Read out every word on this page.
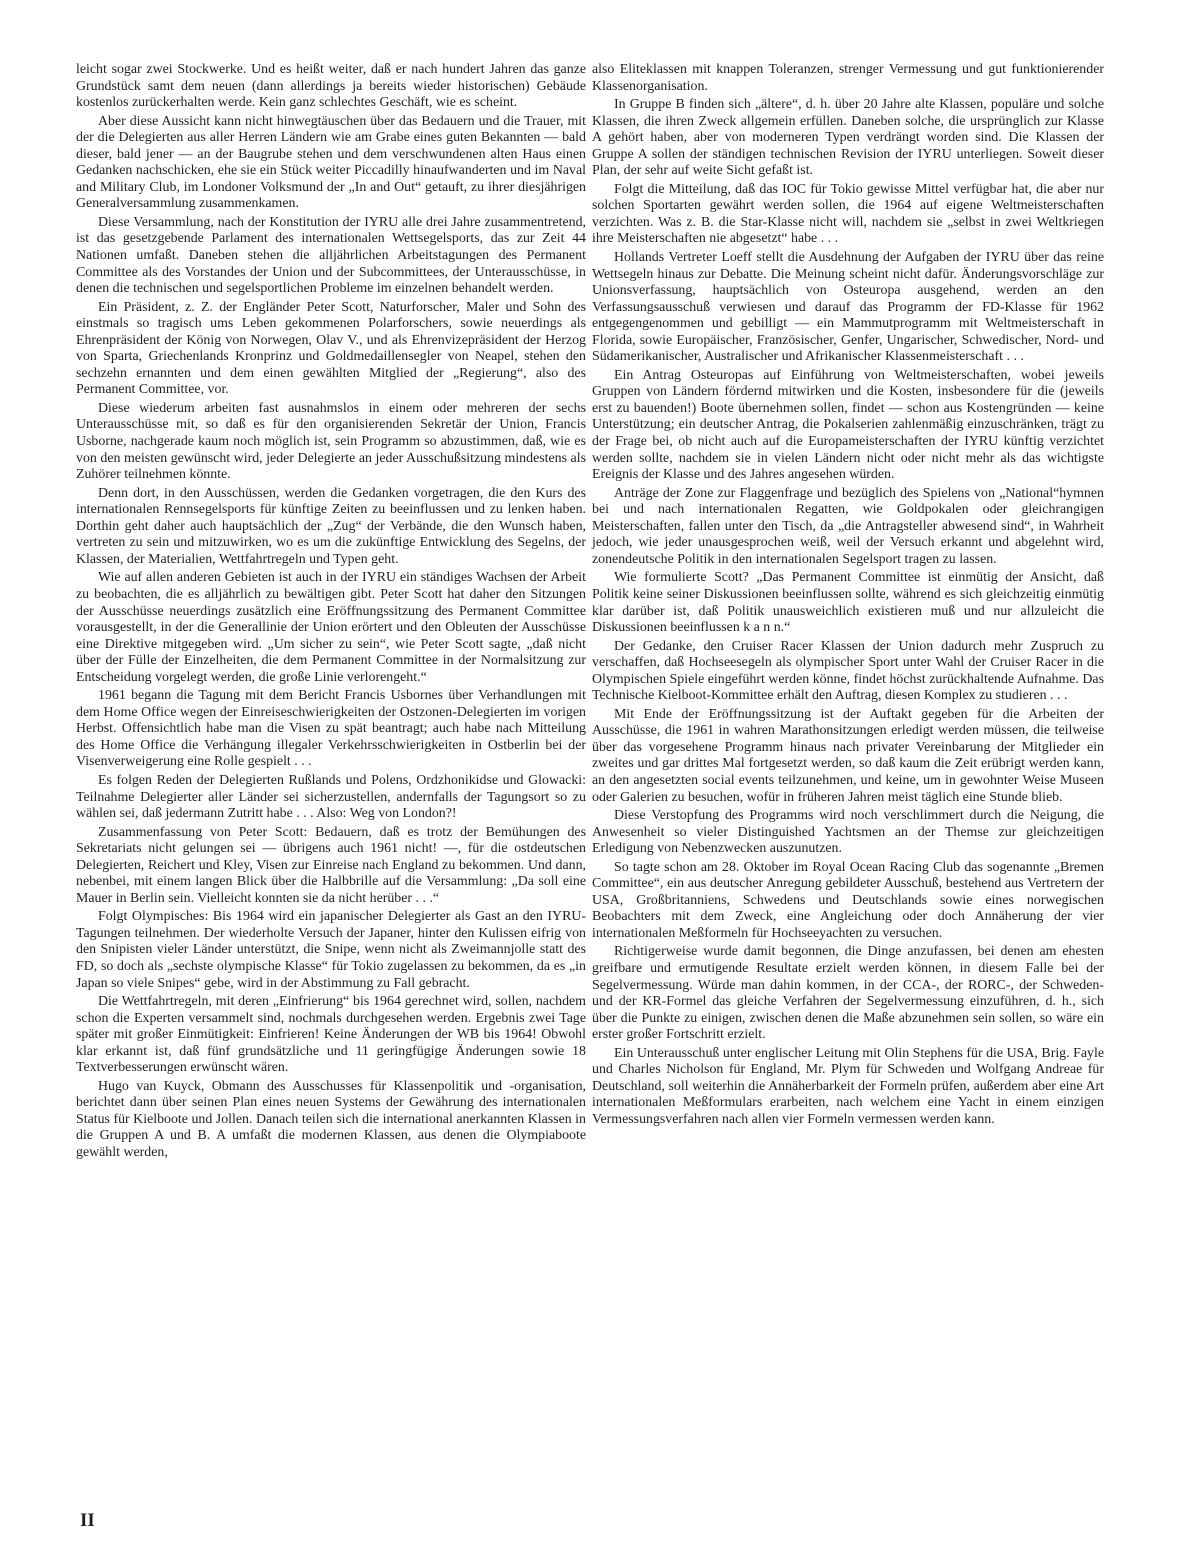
leicht sogar zwei Stockwerke. Und es heißt weiter, daß er nach hundert Jahren das ganze Grundstück samt dem neuen (dann allerdings ja bereits wieder historischen) Gebäude kostenlos zurückerhalten werde. Kein ganz schlechtes Geschäft, wie es scheint.

Aber diese Aussicht kann nicht hinwegtäuschen über das Bedauern und die Trauer, mit der die Delegierten aus aller Herren Ländern wie am Grabe eines guten Bekannten — bald dieser, bald jener — an der Baugrube stehen und dem verschwundenen alten Haus einen Gedanken nachschicken, ehe sie ein Stück weiter Piccadilly hinaufwanderten und im Naval and Military Club, im Londoner Volksmund der „In and Out“ getauft, zu ihrer diesjährigen Generalversammlung zusammenkamen.

Diese Versammlung, nach der Konstitution der IYRU alle drei Jahre zusammentretend, ist das gesetzgebende Parlament des internationalen Wettsegelsports, das zur Zeit 44 Nationen umfaßt. Daneben stehen die alljährlichen Arbeitstagungen des Permanent Committee als des Vorstandes der Union und der Subcommittees, der Unterausschüsse, in denen die technischen und segelsportlichen Probleme im einzelnen behandelt werden.

Ein Präsident, z. Z. der Engländer Peter Scott, Naturforscher, Maler und Sohn des einstmals so tragisch ums Leben gekommenen Polarforschers, sowie neuerdings als Ehrenpräsident der König von Norwegen, Olav V., und als Ehrenvizepräsident der Herzog von Sparta, Griechenlands Kronprinz und Goldmedaillensegler von Neapel, stehen den sechzehn ernannten und dem einen gewählten Mitglied der „Regierung“, also des Permanent Committee, vor.

Diese wiederum arbeiten fast ausnahmslos in einem oder mehreren der sechs Unterausschüsse mit, so daß es für den organisierenden Sekretär der Union, Francis Usborne, nachgerade kaum noch möglich ist, sein Programm so abzustimmen, daß, wie es von den meisten gewünscht wird, jeder Delegierte an jeder Ausschußsitzung mindestens als Zuhörer teilnehmen könnte.

Denn dort, in den Ausschüssen, werden die Gedanken vorgetragen, die den Kurs des internationalen Rennsegelsports für künftige Zeiten zu beeinflussen und zu lenken haben. Dorthin geht daher auch hauptsächlich der „Zug“ der Verbände, die den Wunsch haben, vertreten zu sein und mitzuwirken, wo es um die zukünftige Entwicklung des Segelns, der Klassen, der Materialien, Wettfahrtregeln und Typen geht.

Wie auf allen anderen Gebieten ist auch in der IYRU ein ständiges Wachsen der Arbeit zu beobachten, die es alljährlich zu bewältigen gibt. Peter Scott hat daher den Sitzungen der Ausschüsse neuerdings zusätzlich eine Eröffnungssitzung des Permanent Committee vorausgestellt, in der die Generallinie der Union erörtert und den Obleuten der Ausschüsse eine Direktive mitgegeben wird. „Um sicher zu sein“, wie Peter Scott sagte, „daß nicht über der Fülle der Einzelheiten, die dem Permanent Committee in der Normalsitzung zur Entscheidung vorgelegt werden, die große Linie verlorengeht.“

1961 begann die Tagung mit dem Bericht Francis Usbornes über Verhandlungen mit dem Home Office wegen der Einreiseschwierigkeiten der Ostzonen-Delegierten im vorigen Herbst. Offensichtlich habe man die Visen zu spät beantragt; auch habe nach Mitteilung des Home Office die Verhängung illegaler Verkehrsschwierigkeiten in Ostberlin bei der Visenverweigerung eine Rolle gespielt . . .

Es folgen Reden der Delegierten Rußlands und Polens, Ordzhonikidse und Glowacki: Teilnahme Delegierter aller Länder sei sicherzustellen, andernfalls der Tagungsort so zu wählen sei, daß jedermann Zutritt habe . . . Also: Weg von London?!

Zusammenfassung von Peter Scott: Bedauern, daß es trotz der Bemühungen des Sekretariats nicht gelungen sei — übrigens auch 1961 nicht! —, für die ostdeutschen Delegierten, Reichert und Kley, Visen zur Einreise nach England zu bekommen. Und dann, nebenbei, mit einem langen Blick über die Halbbrille auf die Versammlung: „Da soll eine Mauer in Berlin sein. Vielleicht konnten sie da nicht herüber . . .“

Folgt Olympisches: Bis 1964 wird ein japanischer Delegierter als Gast an den IYRU-Tagungen teilnehmen. Der wiederholte Versuch der Japaner, hinter den Kulissen eifrig von den Snipisten vieler Länder unterstützt, die Snipe, wenn nicht als Zweimannjolle statt des FD, so doch als „sechste olympische Klasse“ für Tokio zugelassen zu bekommen, da es „in Japan so viele Snipes“ gebe, wird in der Abstimmung zu Fall gebracht.

Die Wettfahrtregeln, mit deren „Einfrierung“ bis 1964 gerechnet wird, sollen, nachdem schon die Experten versammelt sind, nochmals durchgesehen werden. Ergebnis zwei Tage später mit großer Einmütigkeit: Einfrieren! Keine Änderungen der WB bis 1964! Obwohl klar erkannt ist, daß fünf grundsätzliche und 11 geringfügige Änderungen sowie 18 Textverbesserungen erwünscht wären.

Hugo van Kuyck, Obmann des Ausschusses für Klassenpolitik und -organisation, berichtet dann über seinen Plan eines neuen Systems der Gewährung des internationalen Status für Kielboote und Jollen. Danach teilen sich die international anerkannten Klassen in die Gruppen A und B. A umfaßt die modernen Klassen, aus denen die Olympiaboote gewählt werden,

also Eliteklassen mit knappen Toleranzen, strenger Vermessung und gut funktionierender Klassenorganisation.

In Gruppe B finden sich „ältere“, d. h. über 20 Jahre alte Klassen, populäre und solche Klassen, die ihren Zweck allgemein erfüllen. Daneben solche, die ursprünglich zur Klasse A gehört haben, aber von moderneren Typen verdrängt worden sind. Die Klassen der Gruppe A sollen der ständigen technischen Revision der IYRU unterliegen. Soweit dieser Plan, der sehr auf weite Sicht gefaßt ist.

Folgt die Mitteilung, daß das IOC für Tokio gewisse Mittel verfügbar hat, die aber nur solchen Sportarten gewährt werden sollen, die 1964 auf eigene Weltmeisterschaften verzichten. Was z. B. die Star-Klasse nicht will, nachdem sie „selbst in zwei Weltkriegen ihre Meisterschaften nie abgesetzt“ habe . . .

Hollands Vertreter Loeff stellt die Ausdehnung der Aufgaben der IYRU über das reine Wettsegeln hinaus zur Debatte. Die Meinung scheint nicht dafür. Änderungsvorschläge zur Unionsverfassung, hauptsächlich von Osteuropa ausgehend, werden an den Verfassungsausschuß verwiesen und darauf das Programm der FD-Klasse für 1962 entgegengenommen und gebilligt — ein Mammutprogramm mit Weltmeisterschaft in Florida, sowie Europäischer, Französischer, Genfer, Ungarischer, Schwedischer, Nord- und Südamerikanischer, Australischer und Afrikanischer Klassenmeisterschaft . . .

Ein Antrag Osteuropas auf Einführung von Weltmeisterschaften, wobei jeweils Gruppen von Ländern fördernd mitwirken und die Kosten, insbesondere für die (jeweils erst zu bauenden!) Boote übernehmen sollen, findet — schon aus Kostengründen — keine Unterstützung; ein deutscher Antrag, die Pokalserien zahlenmäßig einzuschränken, trägt zu der Frage bei, ob nicht auch auf die Europameisterschaften der IYRU künftig verzichtet werden sollte, nachdem sie in vielen Ländern nicht oder nicht mehr als das wichtigste Ereignis der Klasse und des Jahres angesehen würden.

Anträge der Zone zur Flaggenfrage und bezüglich des Spielens von „National“hymnen bei und nach internationalen Regatten, wie Goldpokalen oder gleichrangigen Meisterschaften, fallen unter den Tisch, da „die Antragsteller abwesend sind“, in Wahrheit jedoch, wie jeder unausgesprochen weiß, weil der Versuch erkannt und abgelehnt wird, zonendeutsche Politik in den internationalen Segelsport tragen zu lassen.

Wie formulierte Scott? „Das Permanent Committee ist einmütig der Ansicht, daß Politik keine seiner Diskussionen beeinflussen sollte, während es sich gleichzeitig einmütig klar darüber ist, daß Politik unausweichlich existieren muß und nur allzuleicht die Diskussionen beeinflussen k a n n.“

Der Gedanke, den Cruiser Racer Klassen der Union dadurch mehr Zuspruch zu verschaffen, daß Hochseesegeln als olympischer Sport unter Wahl der Cruiser Racer in die Olympischen Spiele eingeführt werden könne, findet höchst zurückhaltende Aufnahme. Das Technische Kielboot-Kommittee erhält den Auftrag, diesen Komplex zu studieren . . .

Mit Ende der Eröffnungssitzung ist der Auftakt gegeben für die Arbeiten der Ausschüsse, die 1961 in wahren Marathonsitzungen erledigt werden müssen, die teilweise über das vorgesehene Programm hinaus nach privater Vereinbarung der Mitglieder ein zweites und gar drittes Mal fortgesetzt werden, so daß kaum die Zeit erübrigt werden kann, an den angesetzten social events teilzunehmen, und keine, um in gewohnter Weise Museen oder Galerien zu besuchen, wofür in früheren Jahren meist täglich eine Stunde blieb.

Diese Verstopfung des Programms wird noch verschlimmert durch die Neigung, die Anwesenheit so vieler Distinguished Yachtsmen an der Themse zur gleichzeitigen Erledigung von Nebenzwecken auszunutzen.

So tagte schon am 28. Oktober im Royal Ocean Racing Club das sogenannte „Bremen Committee“, ein aus deutscher Anregung gebildeter Ausschuß, bestehend aus Vertretern der USA, Großbritanniens, Schwedens und Deutschlands sowie eines norwegischen Beobachters mit dem Zweck, eine Angleichung oder doch Annäherung der vier internationalen Meßformeln für Hochseeyachten zu versuchen.

Richtigerweise wurde damit begonnen, die Dinge anzufassen, bei denen am ehesten greifbare und ermutigende Resultate erzielt werden können, in diesem Falle bei der Segelvermessung. Würde man dahin kommen, in der CCA-, der RORC-, der Schweden- und der KR-Formel das gleiche Verfahren der Segelvermessung einzuführen, d. h., sich über die Punkte zu einigen, zwischen denen die Maße abzunehmen sein sollen, so wäre ein erster großer Fortschritt erzielt.

Ein Unterausschuß unter englischer Leitung mit Olin Stephens für die USA, Brig. Fayle und Charles Nicholson für England, Mr. Plym für Schweden und Wolfgang Andreae für Deutschland, soll weiterhin die Annäherbarkeit der Formeln prüfen, außerdem aber eine Art internationalen Meßformulars erarbeiten, nach welchem eine Yacht in einem einzigen Vermessungsverfahren nach allen vier Formeln vermessen werden kann.

II
